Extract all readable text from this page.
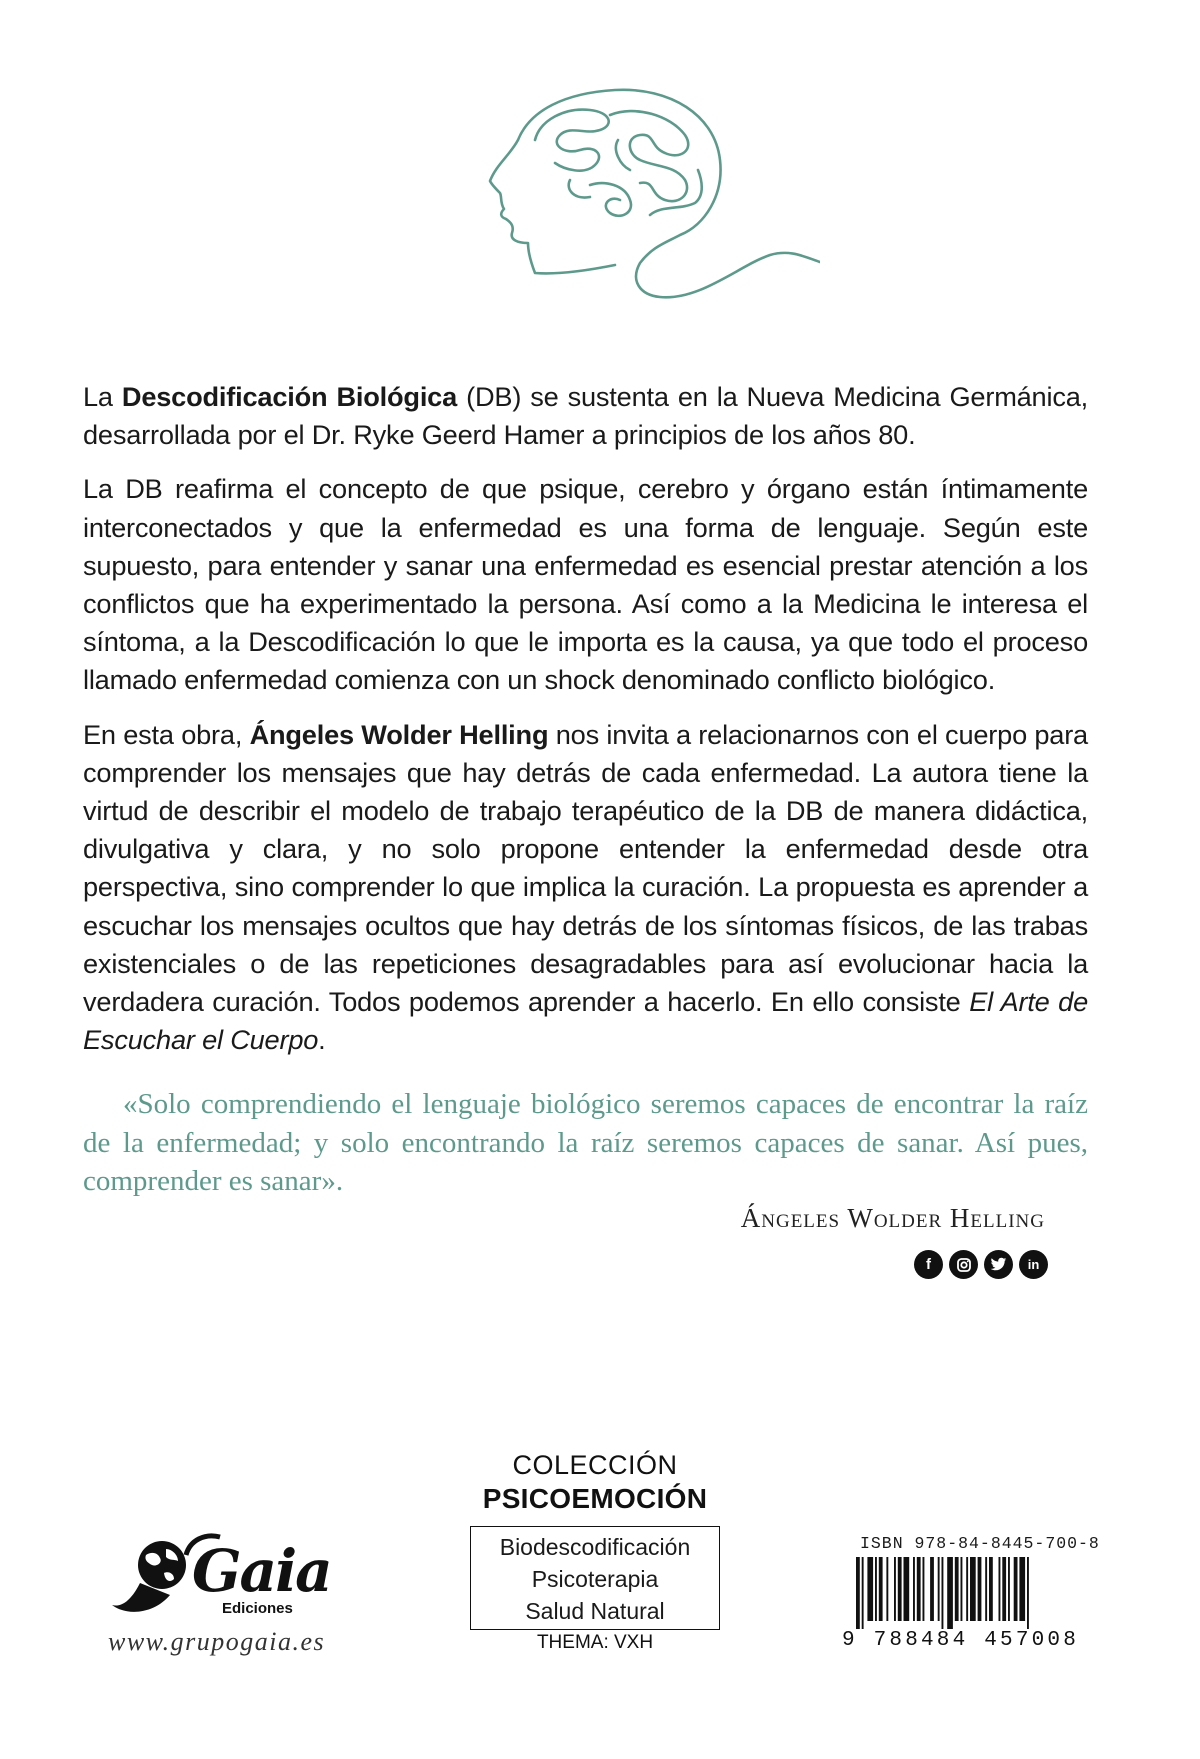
La Descodificación Biológica (DB) se sustenta en la Nueva Medicina Germánica, desarrollada por el Dr. Ryke Geerd Hamer a principios de los años 80.

La DB reafirma el concepto de que psique, cerebro y órgano están íntimamente interconectados y que la enfermedad es una forma de lenguaje. Según este supuesto, para entender y sanar una enfermedad es esencial prestar atención a los conflictos que ha experimentado la persona. Así como a la Medicina le interesa el síntoma, a la Descodificación lo que le importa es la causa, ya que todo el proceso llamado enfermedad comienza con un shock denominado conflicto biológico.

En esta obra, Ángeles Wolder Helling nos invita a relacionarnos con el cuerpo para comprender los mensajes que hay detrás de cada enfermedad. La autora tiene la virtud de describir el modelo de trabajo terapéutico de la DB de manera didáctica, divulgativa y clara, y no solo propone entender la enfermedad desde otra perspectiva, sino comprender lo que implica la curación. La propuesta es aprender a escuchar los mensajes ocultos que hay detrás de los síntomas físicos, de las trabas existenciales o de las repeticiones desagradables para así evolucionar hacia la verdadera curación. Todos podemos aprender a hacerlo. En ello consiste El Arte de Escuchar el Cuerpo.

«Solo comprendiendo el lenguaje biológico seremos capaces de encontrar la raíz de la enfermedad; y solo encontrando la raíz seremos capaces de sanar. Así pues, comprender es sanar».
Ángeles Wolder Helling
f	in
COLECCIÓN
PSICOEMOCIÓN
Biodescodificación
Psicoterapia
Salud Natural
THEMA: VXH
Gaia
Ediciones
www.grupogaia.es
ISBN 978-84-8445-700-8
9 788484 457008
